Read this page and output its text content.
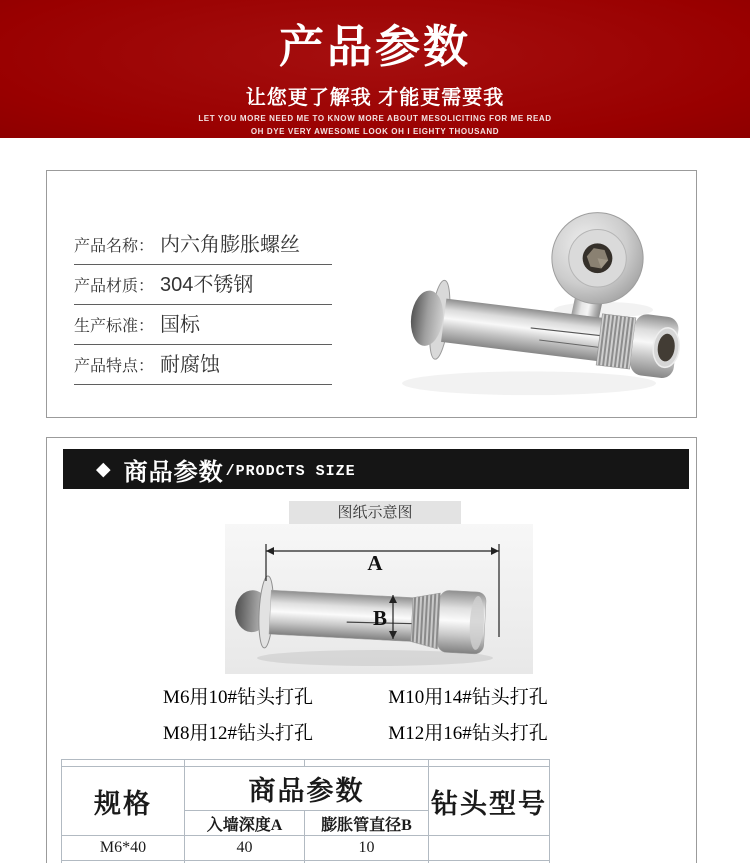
产品参数

让您更了解我 才能更需要我

LET YOU MORE NEED ME TO KNOW MORE ABOUT MESOLICITING FOR ME READ

OH DYE VERY AWESOME LOOK OH I EIGHTY THOUSAND

产品名称： 内六角膨胀螺丝
产品材质： 304不锈钢
生产标准： 国标
产品特点： 耐腐蚀
◆ 商品参数 /PRODCTS SIZE
图纸示意图
A
B
M6用10#钻头打孔	M10用14#钻头打孔
M8用12#钻头打孔	M12用16#钻头打孔

规格	商品参数		钻头型号
	入墙深度A	膨胀管直径B	
M6*40	40	10	
